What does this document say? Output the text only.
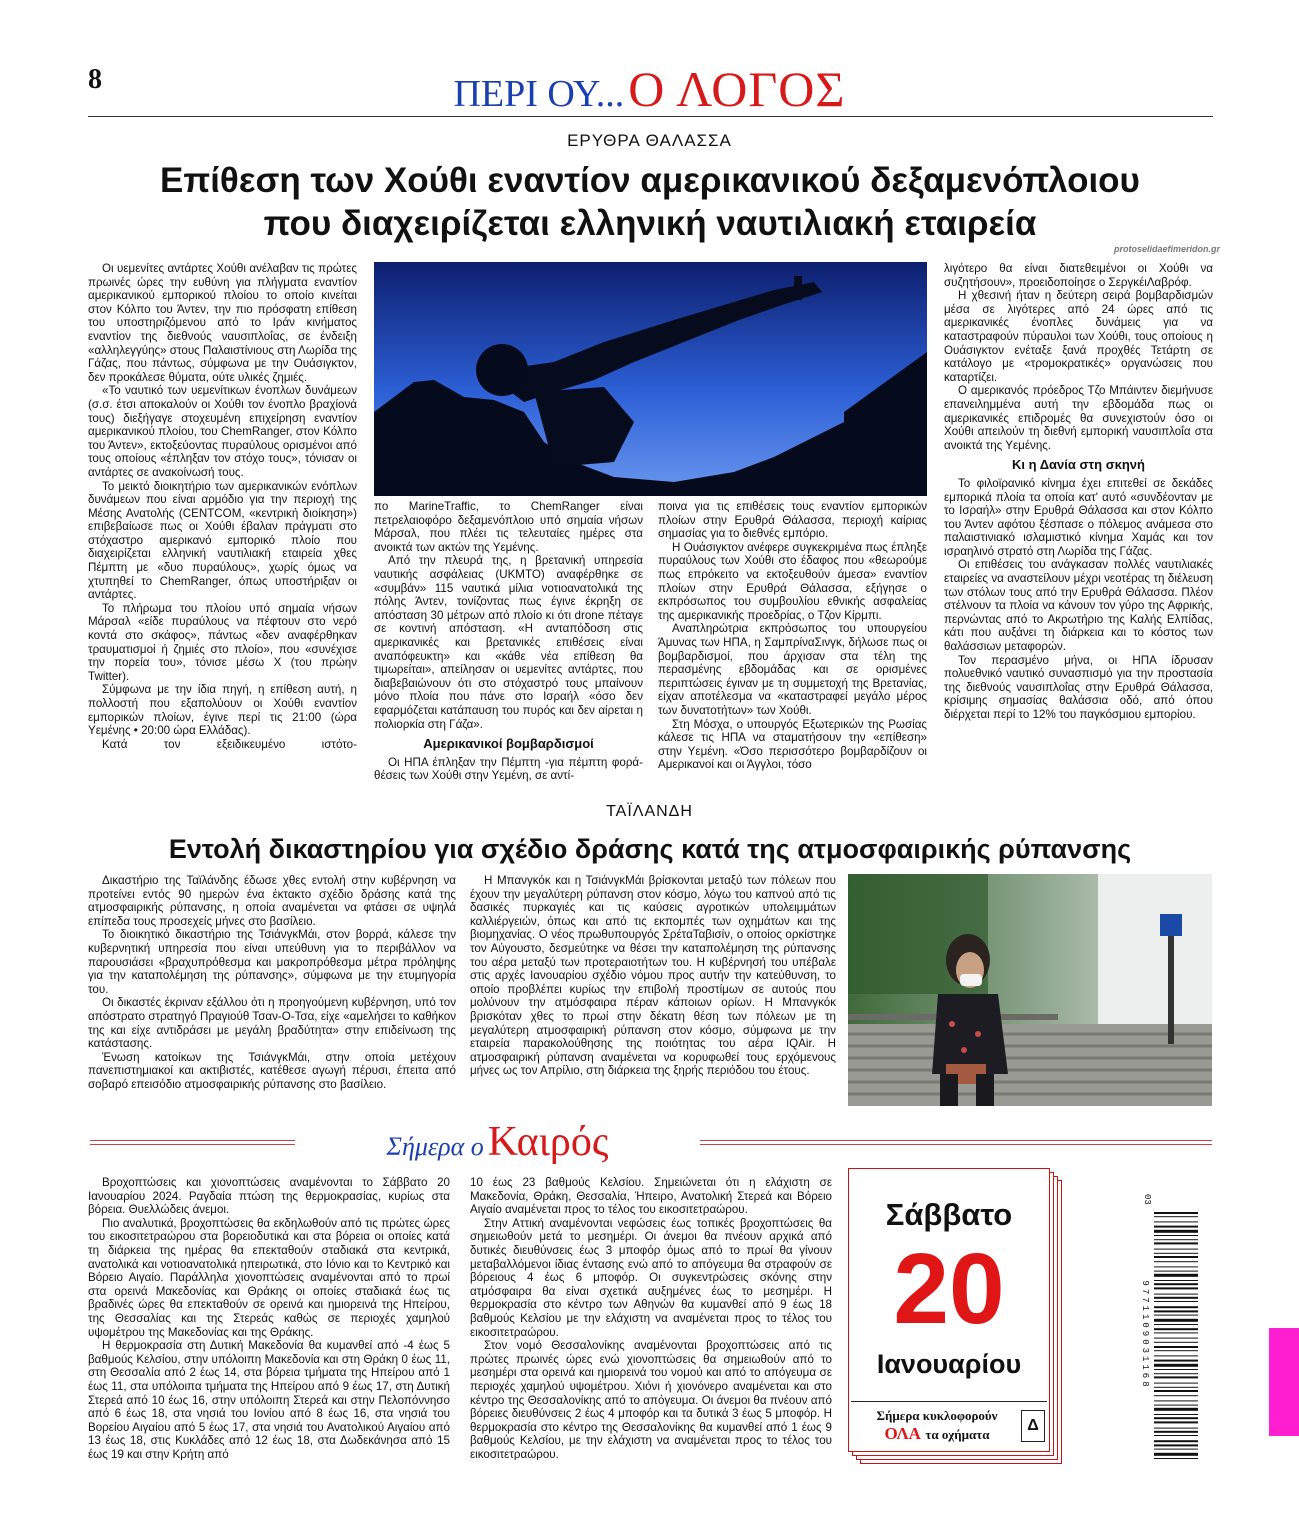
8	ΠΕΡΙ ΟΥ... Ο ΛΟΓΟΣ
ΕΡΥΘΡΑ ΘΑΛΑΣΣΑ
Επίθεση των Χούθι εναντίον αμερικανικού δεξαμενόπλοιου
που διαχειρίζεται ελληνική ναυτιλιακή εταιρεία
protoselidaefimeridon.gr

Οι υεμενίτες αντάρτες Χούθι ανέλαβαν τις πρώτες πρωινές ώρες την ευθύνη για πλήγματα εναντίον αμερικανικού εμπορικού πλοίου το οποίο κινείται στον Κόλπο του Άντεν, την πιο πρόσφατη επίθεση του υποστηριζόμενου από το Ιράν κινήματος εναντίον της διεθνούς ναυσιπλοΐας, σε ένδειξη «αλληλεγγύης» στους Παλαιστίνιους στη Λωρίδα της Γάζας, που πάντως, σύμφωνα με την Ουάσιγκτον, δεν προκάλεσε θύματα, ούτε υλικές ζημιές.

«Το ναυτικό των υεμενίτικων ένοπλων δυνάμεων (σ.σ. έτσι αποκαλούν οι Χούθι τον ένοπλο βραχίονά τους) διεξήγαγε στοχευμένη επιχείρηση εναντίον αμερικανικού πλοίου, του ChemRanger, στον Κόλπο του Άντεν», εκτοξεύοντας πυραύλους ορισμένοι από τους οποίους «έπληξαν τον στόχο τους», τόνισαν οι αντάρτες σε ανακοίνωσή τους.

Το μεικτό διοικητήριο των αμερικανικών ενόπλων δυνάμεων που είναι αρμόδιο για την περιοχή της Μέσης Ανατολής (CENTCOM, «κεντρική διοίκηση») επιβεβαίωσε πως οι Χούθι έβαλαν πράγματι στο στόχαστρο αμερικανό εμπορικό πλοίο που διαχειρίζεται ελληνική ναυτιλιακή εταιρεία χθες Πέμπτη με «δυο πυραύλους», χωρίς όμως να χτυπηθεί το ChemRanger, όπως υποστήριξαν οι αντάρτες.

Το πλήρωμα του πλοίου υπό σημαία νήσων Μάρσαλ «είδε πυραύλους να πέφτουν στο νερό κοντά στο σκάφος», πάντως «δεν αναφέρθηκαν τραυματισμοί ή ζημιές στο πλοίο», που «συνέχισε την πορεία του», τόνισε μέσω X (του πρώην Twitter).

Σύμφωνα με την ίδια πηγή, η επίθεση αυτή, η πολλοστή που εξαπολύουν οι Χούθι εναντίον εμπορικών πλοίων, έγινε περί τις 21:00 (ώρα Υεμένης • 20:00 ώρα Ελλάδας).

Κατά τον εξειδικευμένο ιστότο-

πο MarineTraffic, το ChemRanger είναι πετρελαιοφόρο δεξαμενόπλοιο υπό σημαία νήσων Μάρσαλ, που πλέει τις τελευταίες ημέρες στα ανοικτά των ακτών της Υεμένης.

Από την πλευρά της, η βρετανική υπηρεσία ναυτικής ασφάλειας (UKMTO) αναφέρθηκε σε «συμβάν» 115 ναυτικά μίλια νοτιοανατολικά της πόλης Άντεν, τονίζοντας πως έγινε έκρηξη σε απόσταση 30 μέτρων από πλοίο κι ότι drone πέταγε σε κοντινή απόσταση. «Η ανταπόδοση στις αμερικανικές και βρετανικές επιθέσεις είναι αναπόφευκτη» και «κάθε νέα επίθεση θα τιμωρείται», απείλησαν οι υεμενίτες αντάρτες, που διαβεβαιώνουν ότι στο στόχαστρό τους μπαίνουν μόνο πλοία που πάνε στο Ισραήλ «όσο δεν εφαρμόζεται κατάπαυση του πυρός και δεν αίρεται η πολιορκία στη Γάζα».

Αμερικανικοί βομβαρδισμοί

Οι ΗΠΑ έπληξαν την Πέμπτη -για πέμπτη φορά- θέσεις των Χούθι στην Υεμένη, σε αντί-

ποινα για τις επιθέσεις τους εναντίον εμπορικών πλοίων στην Ερυθρά Θάλασσα, περιοχή καίριας σημασίας για το διεθνές εμπόριο.

Η Ουάσιγκτον ανέφερε συγκεκριμένα πως έπληξε πυραύλους των Χούθι στο έδαφος που «θεωρούμε πως επρόκειτο να εκτοξευθούν άμεσα» εναντίον πλοίων στην Ερυθρά Θάλασσα, εξήγησε ο εκπρόσωπος του συμβουλίου εθνικής ασφαλείας της αμερικανικής προεδρίας, ο Τζον Κίρμπι.

Αναπληρώτρια εκπρόσωπος του υπουργείου Άμυνας των ΗΠΑ, η ΣαμπρίναΣινγκ, δήλωσε πως οι βομβαρδισμοί, που άρχισαν στα τέλη της περασμένης εβδομάδας και σε ορισμένες περιπτώσεις έγιναν με τη συμμετοχή της Βρετανίας, είχαν αποτέλεσμα να «καταστραφεί μεγάλο μέρος των δυνατοτήτων» των Χούθι.

Στη Μόσχα, ο υπουργός Εξωτερικών της Ρωσίας κάλεσε τις ΗΠΑ να σταματήσουν την «επίθεση» στην Υεμένη. «Όσο περισσότερο βομβαρδίζουν οι Αμερικανοί και οι Άγγλοι, τόσο

λιγότερο θα είναι διατεθειμένοι οι Χούθι να συζητήσουν», προειδοποίησε ο ΣεργκέιΛαβρόφ.

Η χθεσινή ήταν η δεύτερη σειρά βομβαρδισμών μέσα σε λιγότερες από 24 ώρες από τις αμερικανικές ένοπλες δυνάμεις για να καταστραφούν πύραυλοι των Χούθι, τους οποίους η Ουάσιγκτον ενέταξε ξανά προχθές Τετάρτη σε κατάλογο με «τρομοκρατικές» οργανώσεις που καταρτίζει.

Ο αμερικανός πρόεδρος Τζο Μπάιντεν διεμήνυσε επανειλημμένα αυτή την εβδομάδα πως οι αμερικανικές επιδρομές θα συνεχιστούν όσο οι Χούθι απειλούν τη διεθνή εμπορική ναυσιπλοΐα στα ανοικτά της Υεμένης.

Κι η Δανία στη σκηνή

Το φιλοϊρανικό κίνημα έχει επιτεθεί σε δεκάδες εμπορικά πλοία τα οποία κατ' αυτό «συνδέονταν με το Ισραήλ» στην Ερυθρά Θάλασσα και στον Κόλπο του Άντεν αφότου ξέσπασε ο πόλεμος ανάμεσα στο παλαιστινιακό ισλαμιστικό κίνημα Χαμάς και τον ισραηλινό στρατό στη Λωρίδα της Γάζας.

Οι επιθέσεις του ανάγκασαν πολλές ναυτιλιακές εταιρείες να αναστείλουν μέχρι νεοτέρας τη διέλευση των στόλων τους από την Ερυθρά Θάλασσα. Πλέον στέλνουν τα πλοία να κάνουν τον γύρο της Αφρικής, περνώντας από το Ακρωτήριο της Καλής Ελπίδας, κάτι που αυξάνει τη διάρκεια και το κόστος των θαλάσσιων μεταφορών.

Τον περασμένο μήνα, οι ΗΠΑ ίδρυσαν πολυεθνικό ναυτικό συνασπισμό για την προστασία της διεθνούς ναυσιπλοΐας στην Ερυθρά Θάλασσα, κρίσιμης σημασίας θαλάσσια οδό, από όπου διέρχεται περί το 12% του παγκόσμιου εμπορίου.

ΤΑΪΛΑΝΔΗ
Εντολή δικαστηρίου για σχέδιο δράσης κατά της ατμοσφαιρικής ρύπανσης

Δικαστήριο της Ταϊλάνδης έδωσε χθες εντολή στην κυβέρνηση να προτείνει εντός 90 ημερών ένα έκτακτο σχέδιο δράσης κατά της ατμοσφαιρικής ρύπανσης, η οποία αναμένεται να φτάσει σε υψηλά επίπεδα τους προσεχείς μήνες στο βασίλειο.

Το διοικητικό δικαστήριο της ΤσιάνγκΜάι, στον βορρά, κάλεσε την κυβερνητική υπηρεσία που είναι υπεύθυνη για το περιβάλλον να παρουσιάσει «βραχυπρόθεσμα και μακροπρόθεσμα μέτρα πρόληψης για την καταπολέμηση της ρύπανσης», σύμφωνα με την ετυμηγορία του.

Οι δικαστές έκριναν εξάλλου ότι η προηγούμενη κυβέρνηση, υπό τον απόστρατο στρατηγό Πραγιούθ Τσαν-Ο-Τσα, είχε «αμελήσει το καθήκον της και είχε αντιδράσει με μεγάλη βραδύτητα» στην επιδείνωση της κατάστασης.

Ένωση κατοίκων της ΤσιάνγκΜάι, στην οποία μετέχουν πανεπιστημιακοί και ακτιβιστές, κατέθεσε αγωγή πέρυσι, έπειτα από σοβαρό επεισόδιο ατμοσφαιρικής ρύπανσης στο βασίλειο.

Η Μπανγκόκ και η ΤσιάνγκΜάι βρίσκονται μεταξύ των πόλεων που έχουν την μεγαλύτερη ρύπανση στον κόσμο, λόγω του καπνού από τις δασικές πυρκαγιές και τις καύσεις αγροτικών υπολειμμάτων καλλιέργειών, όπως και από τις εκπομπές των οχημάτων και της βιομηχανίας. Ο νέος πρωθυπουργός ΣρέταΤαβισίν, ο οποίος ορκίστηκε τον Αύγουστο, δεσμεύτηκε να θέσει την καταπολέμηση της ρύπανσης του αέρα μεταξύ των προτεραιοτήτων του. Η κυβέρνησή του υπέβαλε στις αρχές Ιανουαρίου σχέδιο νόμου προς αυτήν την κατεύθυνση, το οποίο προβλέπει κυρίως την επιβολή προστίμων σε αυτούς που μολύνουν την ατμόσφαιρα πέραν κάποιων ορίων. Η Μπανγκόκ βρισκόταν χθες το πρωί στην δέκατη θέση των πόλεων με τη μεγαλύτερη ατμοσφαιρική ρύπανση στον κόσμο, σύμφωνα με την εταιρεία παρακολούθησης της ποιότητας του αέρα IQAir. Η ατμοσφαιρική ρύπανση αναμένεται να κορυφωθεί τους ερχόμενους μήνες ως τον Απρίλιο, στη διάρκεια της ξηρής περιόδου του έτους.

Σήμερα ο Καιρός

Βροχοπτώσεις και χιονοπτώσεις αναμένονται το Σάββατο 20 Ιανουαρίου 2024. Ραγδαία πτώση της θερμοκρασίας, κυρίως στα βόρεια. Θυελλώδεις άνεμοι.

Πιο αναλυτικά, βροχοπτώσεις θα εκδηλωθούν από τις πρώτες ώρες του εικοσιτετραώρου στα βορειοδυτικά και στα βόρεια οι οποίες κατά τη διάρκεια της ημέρας θα επεκταθούν σταδιακά στα κεντρικά, ανατολικά και νοτιοανατολικά ηπειρωτικά, στο Ιόνιο και το Κεντρικό και Βόρειο Αιγαίο. Παράλληλα χιονοπτώσεις αναμένονται από το πρωί στα ορεινά Μακεδονίας και Θράκης οι οποίες σταδιακά έως τις βραδινές ώρες θα επεκταθούν σε ορεινά και ημιορεινά της Ηπείρου, της Θεσσαλίας και της Στερεάς καθώς σε περιοχές χαμηλού υψομέτρου της Μακεδονίας και της Θράκης.

Η θερμοκρασία στη Δυτική Μακεδονία θα κυμανθεί από -4 έως 5 βαθμούς Κελσίου, στην υπόλοιπη Μακεδονία και στη Θράκη 0 έως 11, στη Θεσσαλία από 2 έως 14, στα βόρεια τμήματα της Ηπείρου από 1 έως 11, στα υπόλοιπα τμήματα της Ηπείρου από 9 έως 17, στη Δυτική Στερεά από 10 έως 16, στην υπόλοιπη Στερεά και στην Πελοπόννησο από 6 έως 18, στα νησιά του Ιονίου από 8 έως 16, στα νησιά του Βορείου Αιγαίου από 5 έως 17, στα νησιά του Ανατολικού Αιγαίου από 13 έως 18, στις Κυκλάδες από 12 έως 18, στα Δωδεκάνησα από 15 έως 19 και στην Κρήτη από

10 έως 23 βαθμούς Κελσίου. Σημειώνεται ότι η ελάχιστη σε Μακεδονία, Θράκη, Θεσσαλία, Ήπειρο, Ανατολική Στερεά και Βόρειο Αιγαίο αναμένεται προς το τέλος του εικοσιτετραώρου.

Στην Αττική αναμένονται νεφώσεις έως τοπικές βροχοπτώσεις θα σημειωθούν μετά το μεσημέρι. Οι άνεμοι θα πνέουν αρχικά από δυτικές διευθύνσεις έως 3 μποφόρ όμως από το πρωί θα γίνουν μεταβαλλόμενοι ίδιας έντασης ενώ από το απόγευμα θα στραφούν σε βόρειους 4 έως 6 μποφόρ. Οι συγκεντρώσεις σκόνης στην ατμόσφαιρα θα είναι σχετικά αυξημένες έως το μεσημέρι. Η θερμοκρασία στο κέντρο των Αθηνών θα κυμανθεί από 9 έως 18 βαθμούς Κελσίου με την ελάχιστη να αναμένεται προς το τέλος του εικοσιτετραώρου.

Στον νομό Θεσσαλονίκης αναμένονται βροχοπτώσεις από τις πρώτες πρωινές ώρες ενώ χιονοπτώσεις θα σημειωθούν από το μεσημέρι στα ορεινά και ημιορεινά του νομού και από το απόγευμα σε περιοχές χαμηλού υψομέτρου. Χιόνι ή χιονόνερο αναμένεται και στο κέντρο της Θεσσαλονίκης από το απόγευμα. Οι άνεμοι θα πνέουν από βόρειες διευθύνσεις 2 έως 4 μποφόρ και τα δυτικά 3 έως 5 μποφόρ. Η θερμοκρασία στο κέντρο της Θεσσαλονίκης θα κυμανθεί από 1 έως 9 βαθμούς Κελσίου, με την ελάχιστη να αναμένεται προς το τέλος του εικοσιτετραώρου.

Σάββατο
20
Ιανουαρίου
Σήμερα κυκλοφορούν
ΟΛΑ τα οχήματα
Δ
03
9771109031168
